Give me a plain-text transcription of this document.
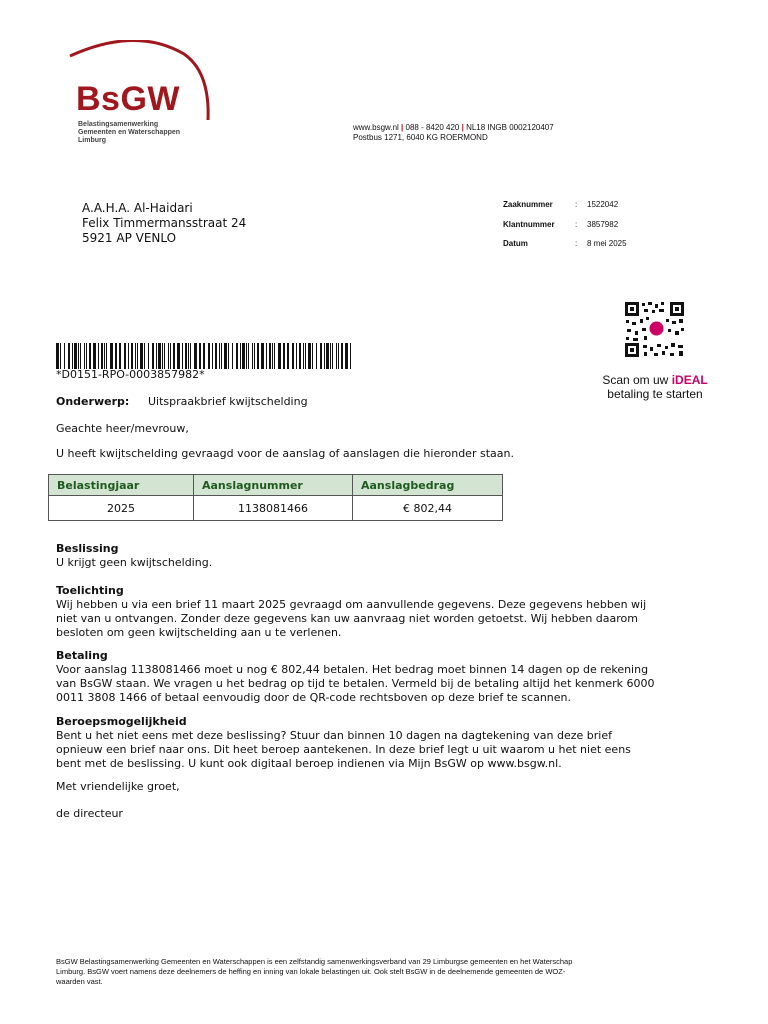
BsGW
Belastingsamenwerking
Gemeenten en Waterschappen
Limburg
www.bsgw.nl | 088 - 8420 420 | NL18 INGB 0002120407
Postbus 1271, 6040 KG ROERMOND
A.A.H.A. Al-Haidari
Felix Timmermansstraat 24
5921 AP VENLO
Zaaknummer	:	1522042
Klantnummer	:	3857982
Datum	:	8 mei 2025
Scan om uw iDEAL
betaling te starten
*D0151-RPO-0003857982*
Onderwerp: Uitspraakbrief kwijtschelding
Geachte heer/mevrouw,
U heeft kwijtschelding gevraagd voor de aanslag of aanslagen die hieronder staan.
Belastingjaar	Aanslagnummer	Aanslagbedrag
2025	1138081466	€ 802,44
Beslissing
U krijgt geen kwijtschelding.
Toelichting
Wij hebben u via een brief 11 maart 2025 gevraagd om aanvullende gegevens. Deze gegevens hebben wij
niet van u ontvangen. Zonder deze gegevens kan uw aanvraag niet worden getoetst. Wij hebben daarom
besloten om geen kwijtschelding aan u te verlenen.
Betaling
Voor aanslag 1138081466 moet u nog € 802,44 betalen. Het bedrag moet binnen 14 dagen op de rekening
van BsGW staan. We vragen u het bedrag op tijd te betalen. Vermeld bij de betaling altijd het kenmerk 6000
0011 3808 1466 of betaal eenvoudig door de QR-code rechtsboven op deze brief te scannen.
Beroepsmogelijkheid
Bent u het niet eens met deze beslissing? Stuur dan binnen 10 dagen na dagtekening van deze brief
opnieuw een brief naar ons. Dit heet beroep aantekenen. In deze brief legt u uit waarom u het niet eens
bent met de beslissing. U kunt ook digitaal beroep indienen via Mijn BsGW op www.bsgw.nl.
Met vriendelijke groet,
de directeur
BsGW Belastingsamenwerking Gemeenten en Waterschappen is een zelfstandig samenwerkingsverband van 29 Limburgse gemeenten en het Waterschap
Limburg. BsGW voert namens deze deelnemers de heffing en inning van lokale belastingen uit. Ook stelt BsGW in de deelnemende gemeenten de WOZ-
waarden vast.
